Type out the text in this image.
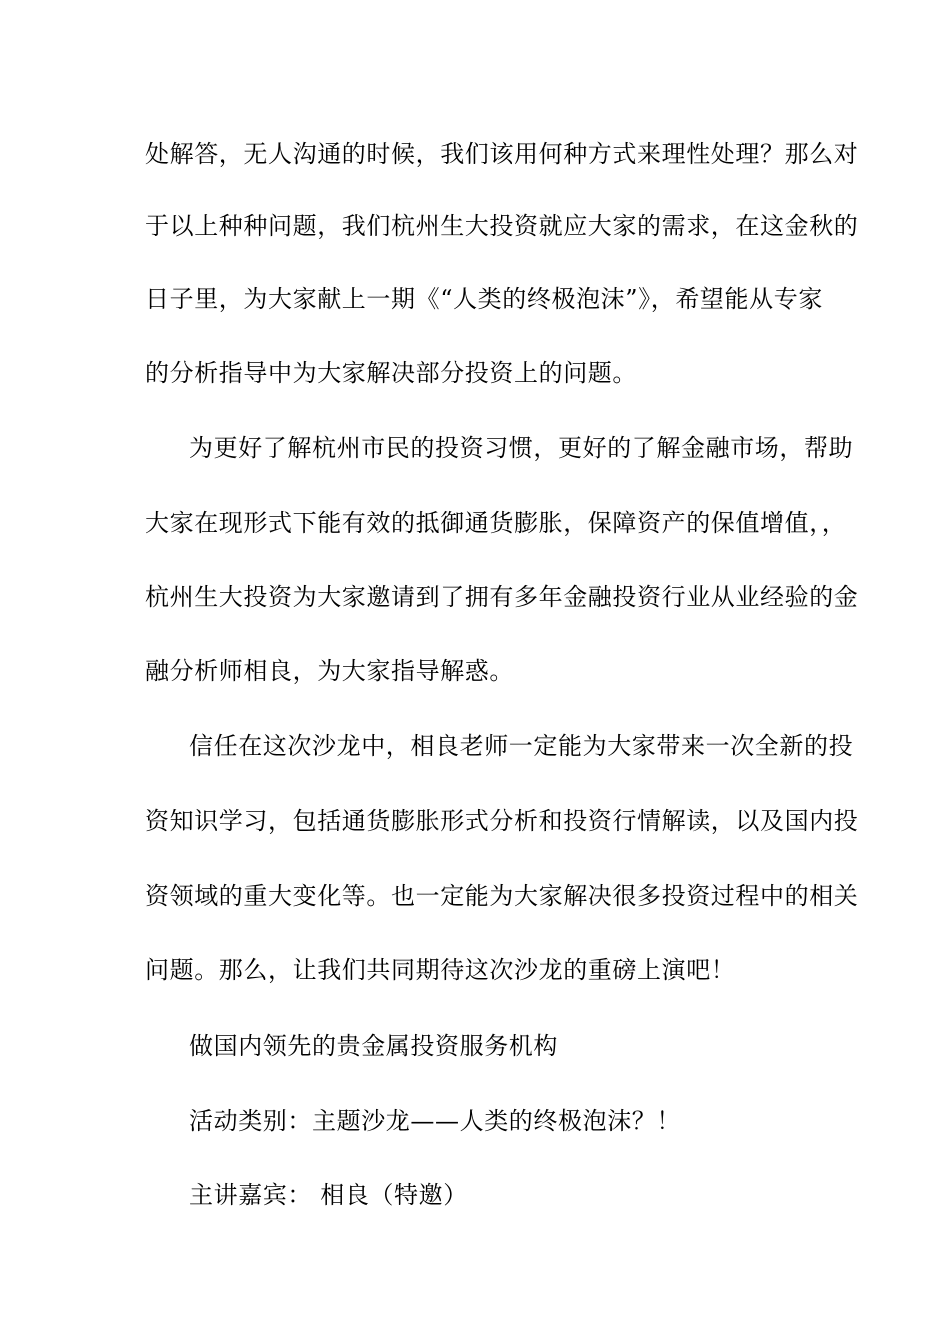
处解答，无人沟通的时候，我们该用何种方式来理性处理？那么对
于以上种种问题，我们杭州生大投资就应大家的需求，在这金秋的
日子里，为大家献上一期《“人类的终极泡沫”》，希望能从专家
的分析指导中为大家解决部分投资上的问题。
为更好了解杭州市民的投资习惯，更好的了解金融市场，帮助
大家在现形式下能有效的抵御通货膨胀，保障资产的保值增值，，
杭州生大投资为大家邀请到了拥有多年金融投资行业从业经验的金
融分析师相良，为大家指导解惑。
信任在这次沙龙中，相良老师一定能为大家带来一次全新的投
资知识学习，包括通货膨胀形式分析和投资行情解读，以及国内投
资领域的重大变化等。也一定能为大家解决很多投资过程中的相关
问题。那么，让我们共同期待这次沙龙的重磅上演吧！
做国内领先的贵金属投资服务机构
活动类别：主题沙龙——人类的终极泡沫？！
主讲嘉宾： 相良（特邀）
